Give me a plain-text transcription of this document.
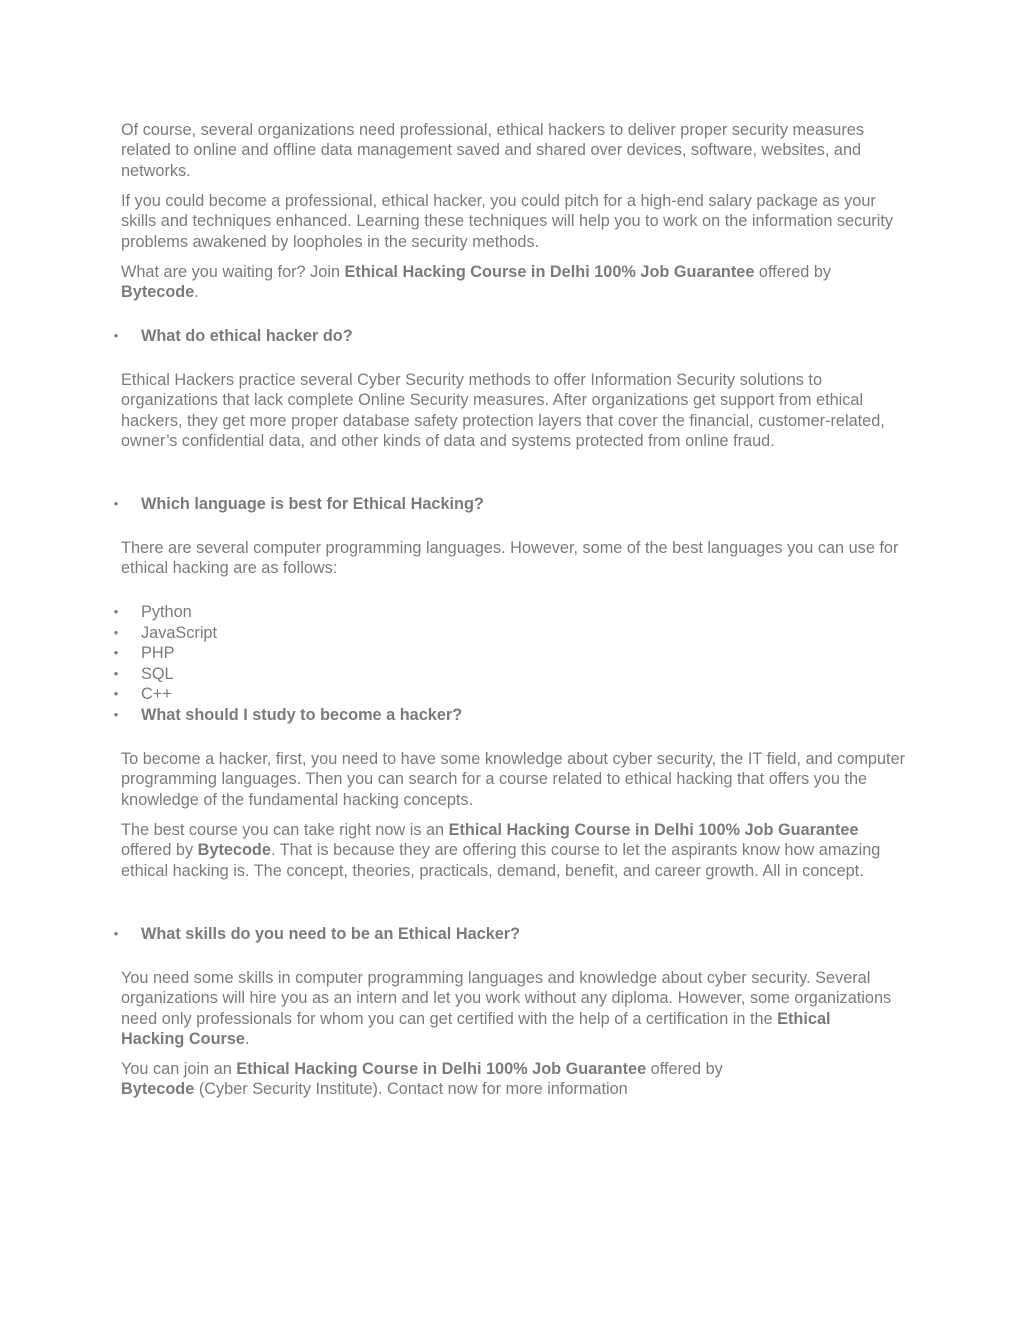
Of course, several organizations need professional, ethical hackers to deliver proper security measures related to online and offline data management saved and shared over devices, software, websites, and networks.

If you could become a professional, ethical hacker, you could pitch for a high-end salary package as your skills and techniques enhanced. Learning these techniques will help you to work on the information security problems awakened by loopholes in the security methods.

What are you waiting for? Join Ethical Hacking Course in Delhi 100% Job Guarantee offered by Bytecode.

• What do ethical hacker do?

Ethical Hackers practice several Cyber Security methods to offer Information Security solutions to organizations that lack complete Online Security measures. After organizations get support from ethical hackers, they get more proper database safety protection layers that cover the financial, customer-related, owner’s confidential data, and other kinds of data and systems protected from online fraud.

• Which language is best for Ethical Hacking?

There are several computer programming languages. However, some of the best languages you can use for ethical hacking are as follows:

• Python
• JavaScript
• PHP
• SQL
• C++
• What should I study to become a hacker?

To become a hacker, first, you need to have some knowledge about cyber security, the IT field, and computer programming languages. Then you can search for a course related to ethical hacking that offers you the knowledge of the fundamental hacking concepts.

The best course you can take right now is an Ethical Hacking Course in Delhi 100% Job Guarantee offered by Bytecode. That is because they are offering this course to let the aspirants know how amazing ethical hacking is. The concept, theories, practicals, demand, benefit, and career growth. All in concept.

• What skills do you need to be an Ethical Hacker?

You need some skills in computer programming languages and knowledge about cyber security. Several organizations will hire you as an intern and let you work without any diploma. However, some organizations need only professionals for whom you can get certified with the help of a certification in the Ethical Hacking Course.

You can join an Ethical Hacking Course in Delhi 100% Job Guarantee offered by Bytecode (Cyber Security Institute). Contact now for more information
